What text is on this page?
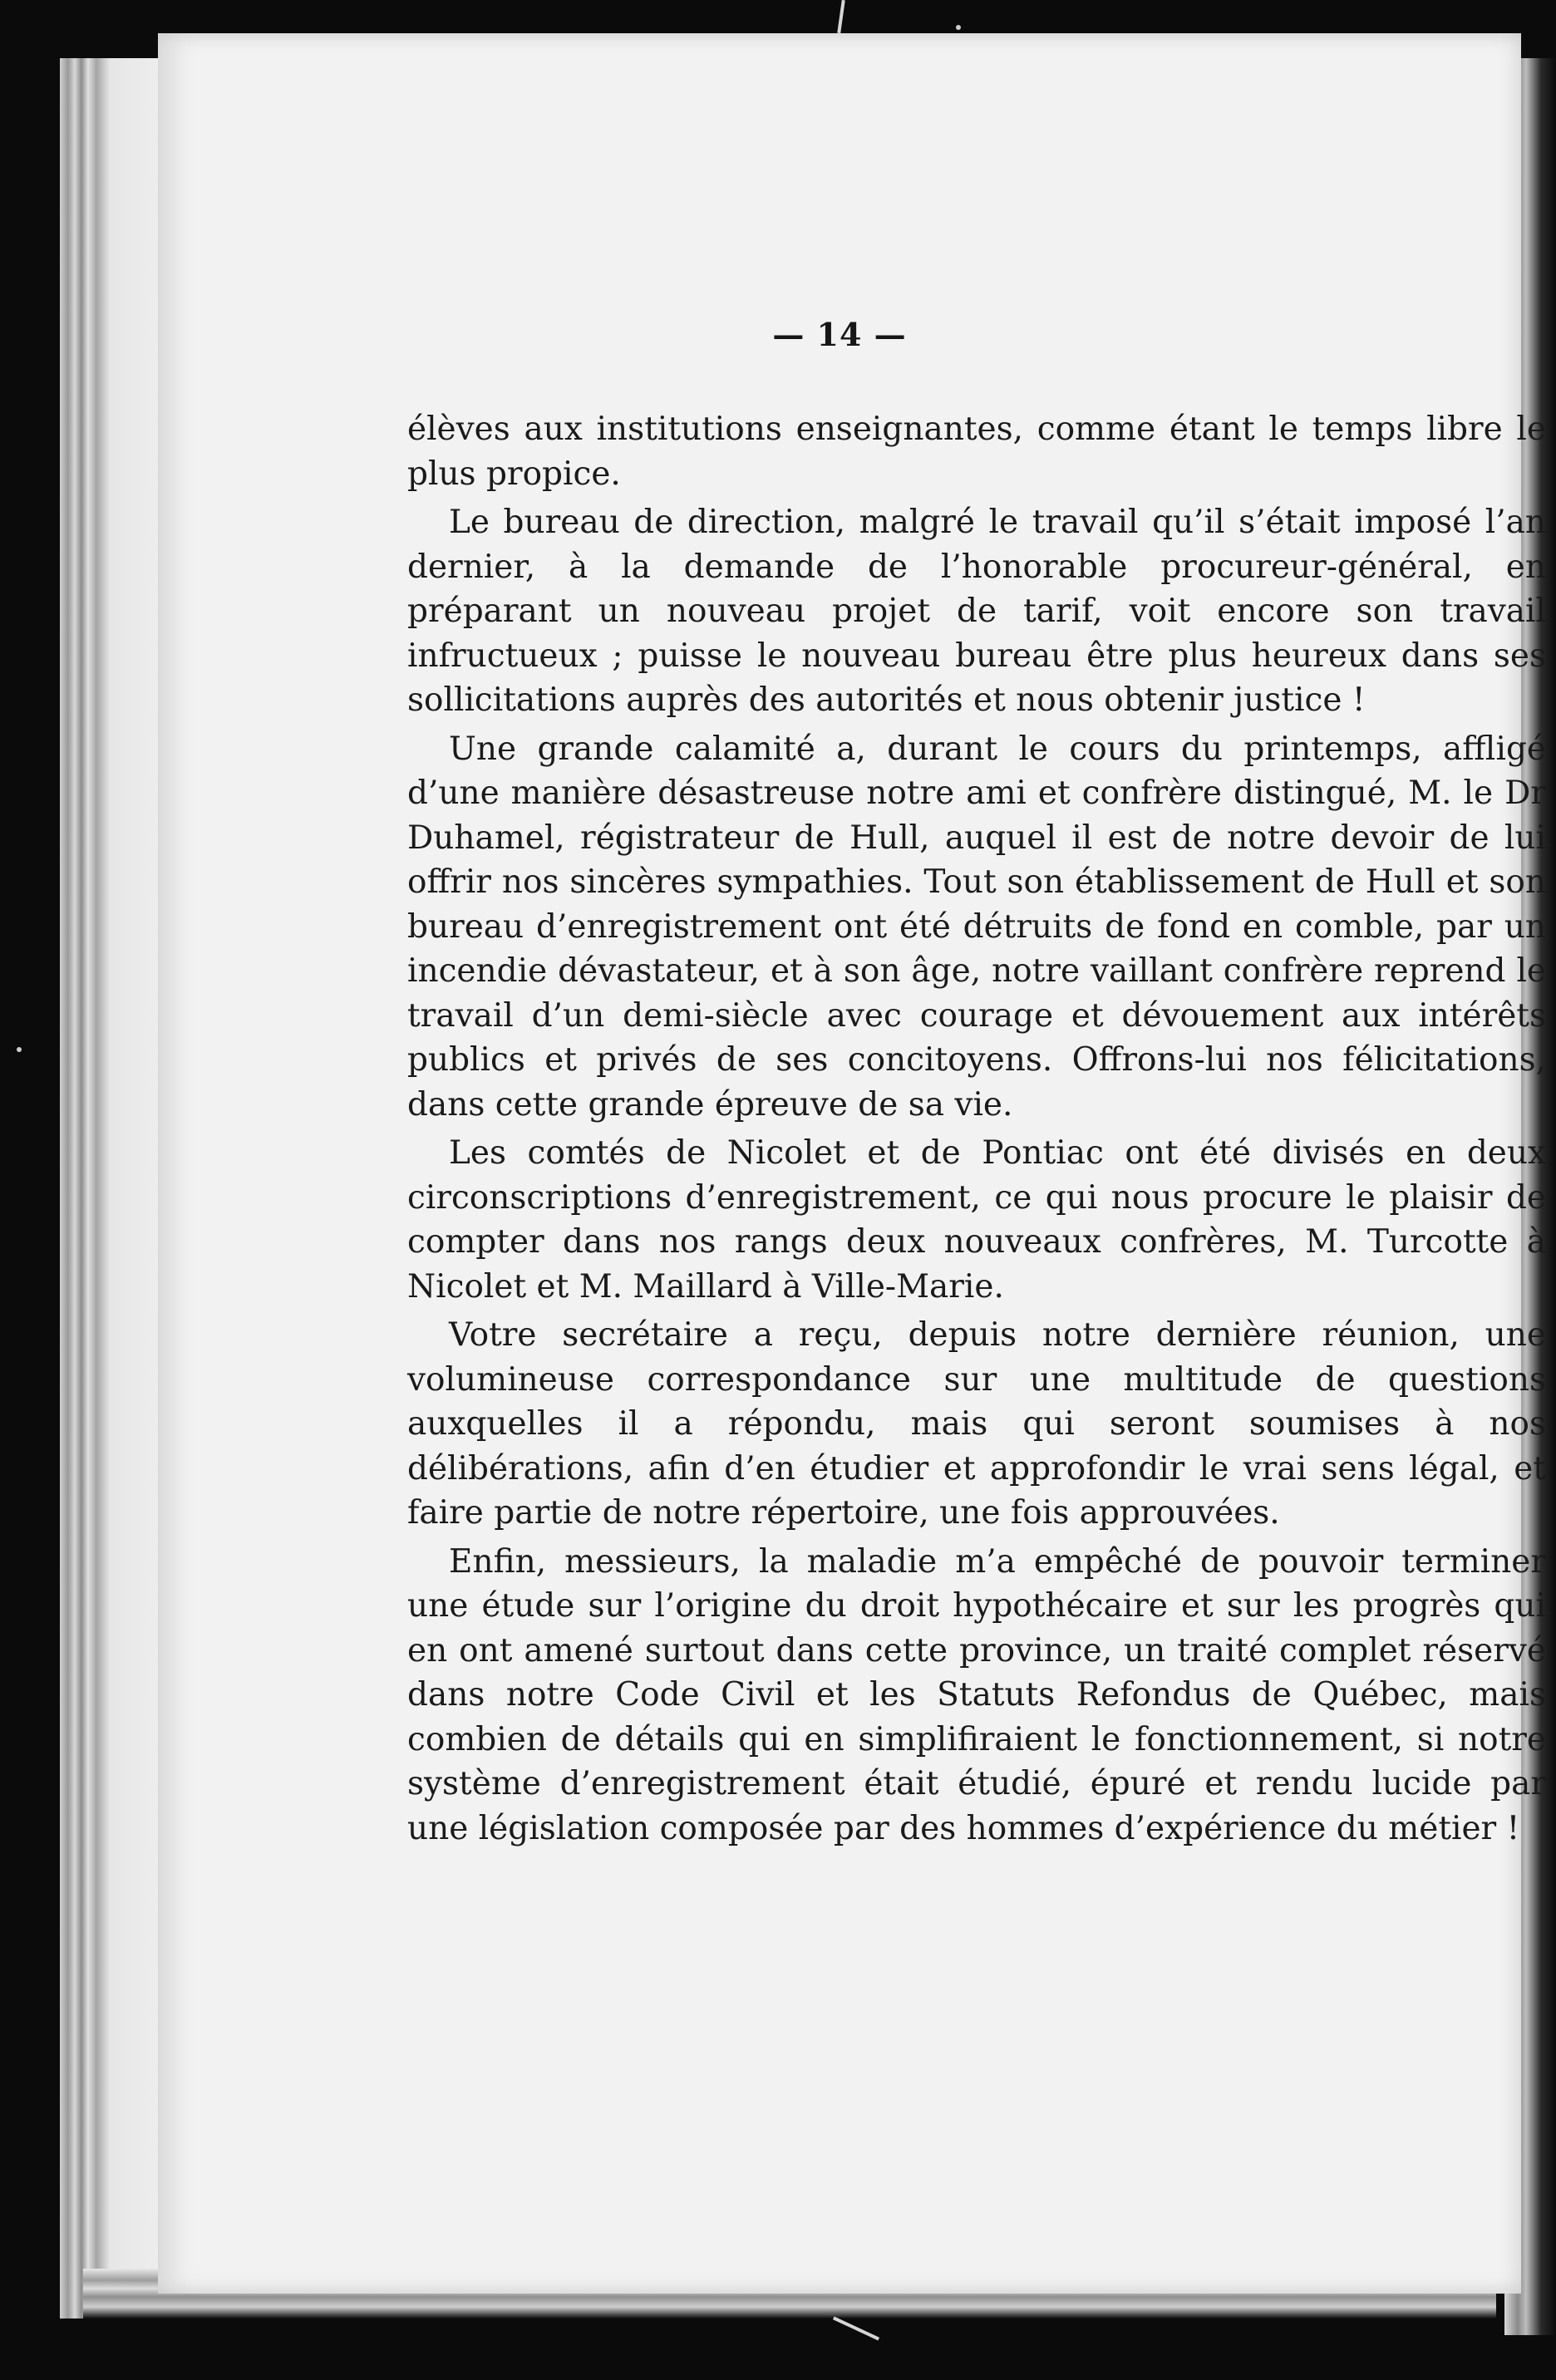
— 14 —

élèves aux institutions enseignantes, comme étant le temps libre le plus propice.

Le bureau de direction, malgré le travail qu’il s’était imposé l’an dernier, à la demande de l’honorable procureur-général, en préparant un nouveau projet de tarif, voit encore son travail infructueux ; puisse le nouveau bureau être plus heureux dans ses sollicitations auprès des autorités et nous obtenir justice !

Une grande calamité a, durant le cours du printemps, affligé d’une manière désastreuse notre ami et confrère distingué, M. le Dr Duhamel, régistrateur de Hull, auquel il est de notre devoir de lui offrir nos sincères sympathies. Tout son établissement de Hull et son bureau d’enregistrement ont été détruits de fond en comble, par un incendie dévastateur, et à son âge, notre vaillant confrère reprend le travail d’un demi-siècle avec courage et dévouement aux intérêts publics et privés de ses concitoyens. Offrons-lui nos félicitations, dans cette grande épreuve de sa vie.

Les comtés de Nicolet et de Pontiac ont été divisés en deux circonscriptions d’enregistrement, ce qui nous procure le plaisir de compter dans nos rangs deux nouveaux confrères, M. Turcotte à Nicolet et M. Maillard à Ville-Marie.

Votre secrétaire a reçu, depuis notre dernière réunion, une volumineuse correspondance sur une multitude de questions auxquelles il a répondu, mais qui seront soumises à nos délibérations, afin d’en étudier et approfondir le vrai sens légal, et faire partie de notre répertoire, une fois approuvées.

Enfin, messieurs, la maladie m’a empêché de pouvoir terminer une étude sur l’origine du droit hypothécaire et sur les progrès qui en ont amené surtout dans cette province, un traité complet réservé dans notre Code Civil et les Statuts Refondus de Québec, mais combien de détails qui en simplifiraient le fonctionnement, si notre système d’enregistrement était étudié, épuré et rendu lucide par une législation composée par des hommes d’expérience du métier !
